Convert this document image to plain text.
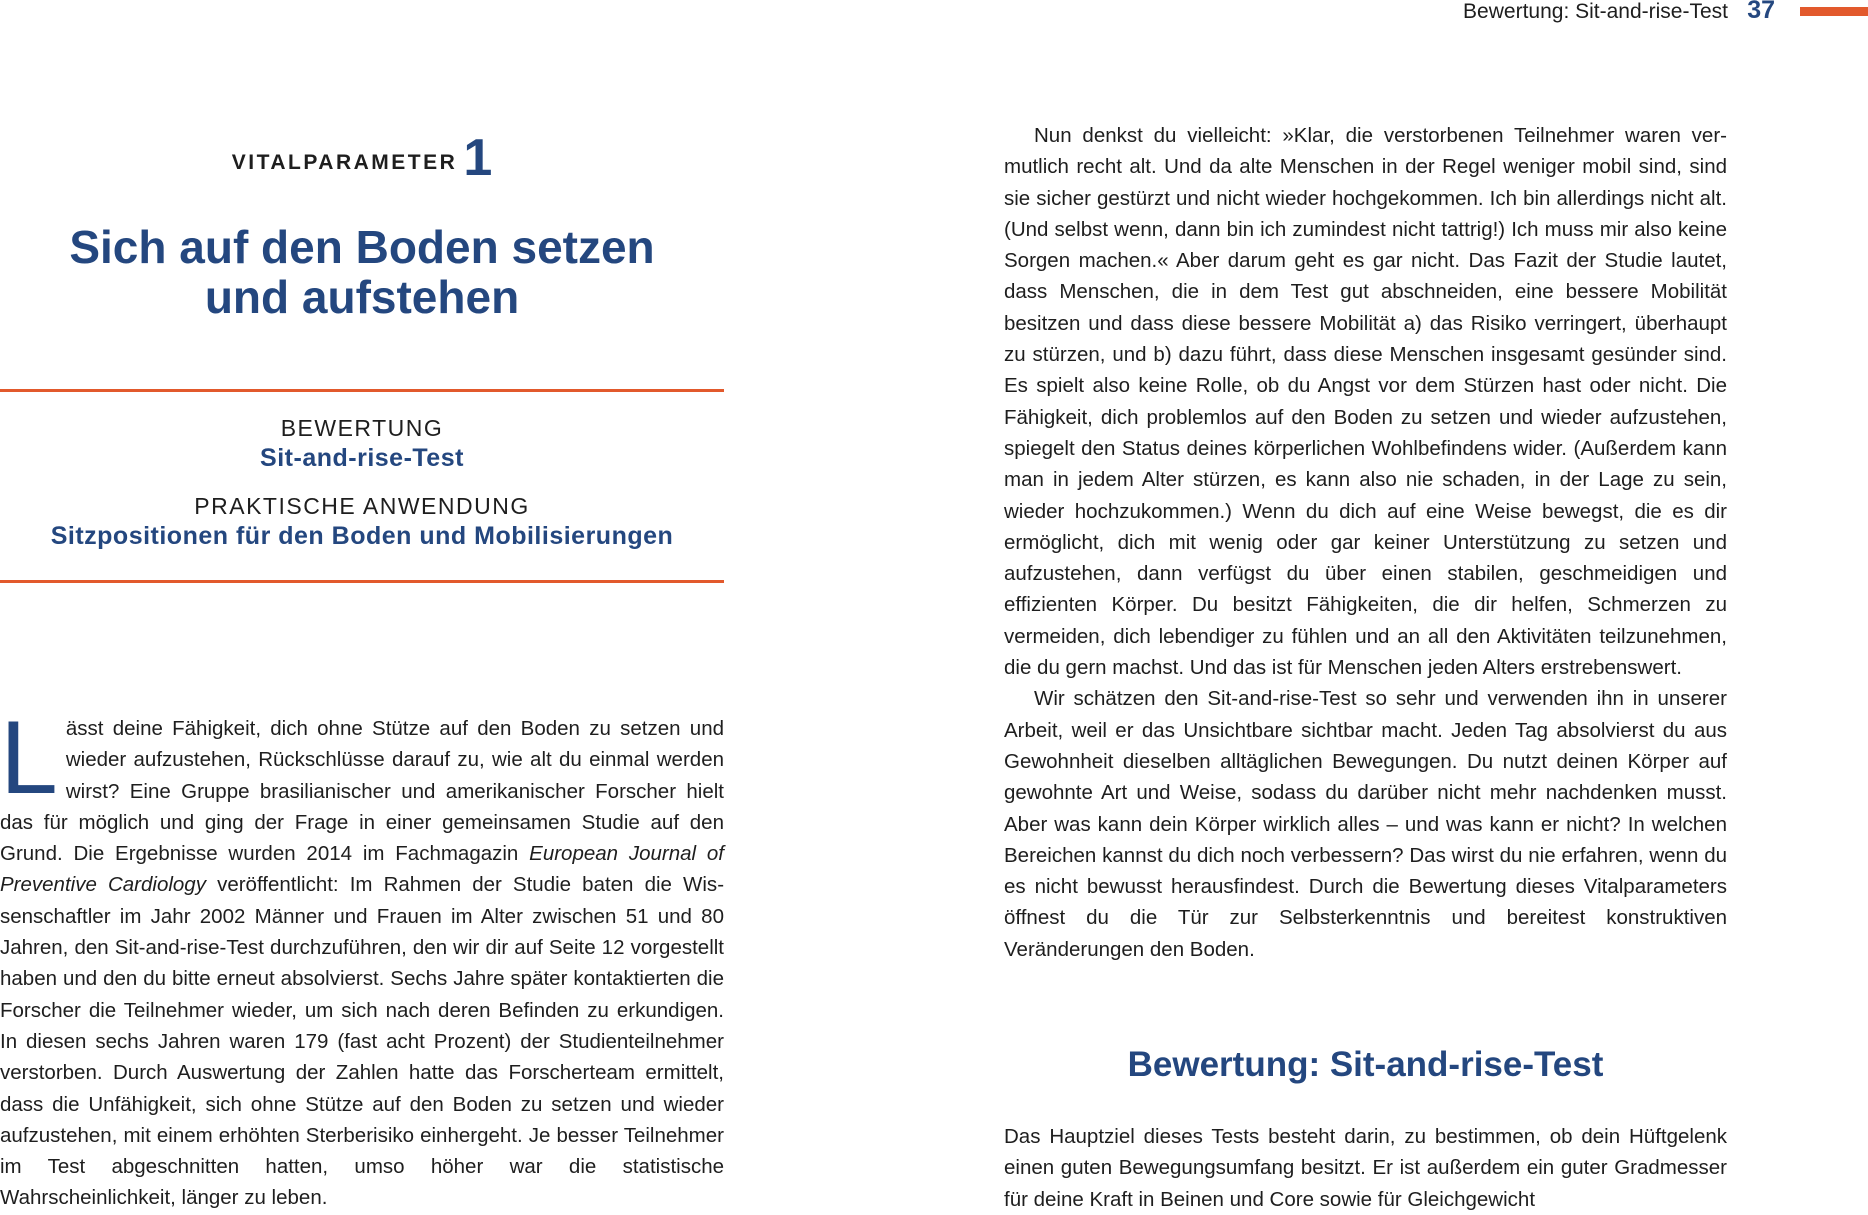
Bewertung: Sit-and-rise-Test 37
VITALPARAMETER 1
Sich auf den Boden setzen
und aufstehen
BEWERTUNG
Sit-and-rise-Test
PRAKTISCHE ANWENDUNG
Sitzpositionen für den Boden und Mobilisierungen

Lässt deine Fähigkeit, dich ohne Stütze auf den Boden zu setzen und wieder aufzustehen, Rückschlüsse darauf zu, wie alt du einmal werden wirst? Eine Gruppe brasilianischer und amerikanischer Forscher hielt das für möglich und ging der Frage in einer gemeinsamen Studie auf den Grund. Die Ergebnisse wurden 2014 im Fachmagazin European Journal of Preventive Cardiology veröffentlicht: Im Rahmen der Studie baten die Wissenschaftler im Jahr 2002 Männer und Frauen im Alter zwischen 51 und 80 Jahren, den Sit-and-rise-Test durchzuführen, den wir dir auf Seite 12 vorgestellt haben und den du bitte erneut absolvierst. Sechs Jahre später kontaktierten die Forscher die Teilnehmer wieder, um sich nach deren Befinden zu erkundigen. In diesen sechs Jahren waren 179 (fast acht Prozent) der Studienteilnehmer verstorben. Durch Auswertung der Zahlen hatte das Forscherteam ermittelt, dass die Unfähigkeit, sich ohne Stütze auf den Boden zu setzen und wieder aufzustehen, mit einem erhöhten Sterberisiko einhergeht. Je besser Teilnehmer im Test abgeschnitten hatten, umso höher war die statistische Wahrscheinlichkeit, länger zu leben.

Nun denkst du vielleicht: »Klar, die verstorbenen Teilnehmer waren vermutlich recht alt. Und da alte Menschen in der Regel weniger mobil sind, sind sie sicher gestürzt und nicht wieder hochgekommen. Ich bin allerdings nicht alt. (Und selbst wenn, dann bin ich zumindest nicht tattrig!) Ich muss mir also keine Sorgen machen.« Aber darum geht es gar nicht. Das Fazit der Studie lautet, dass Menschen, die in dem Test gut abschneiden, eine bessere Mobilität besitzen und dass diese bessere Mobilität a) das Risiko verringert, überhaupt zu stürzen, und b) dazu führt, dass diese Menschen insgesamt gesünder sind. Es spielt also keine Rolle, ob du Angst vor dem Stürzen hast oder nicht. Die Fähigkeit, dich problemlos auf den Boden zu setzen und wieder aufzustehen, spiegelt den Status deines körperlichen Wohlbefindens wider. (Außerdem kann man in jedem Alter stürzen, es kann also nie schaden, in der Lage zu sein, wieder hochzukommen.) Wenn du dich auf eine Weise bewegst, die es dir ermöglicht, dich mit wenig oder gar keiner Unterstützung zu setzen und aufzustehen, dann verfügst du über einen stabilen, geschmeidigen und effizienten Körper. Du besitzt Fähigkeiten, die dir helfen, Schmerzen zu vermeiden, dich lebendiger zu fühlen und an all den Aktivitäten teilzunehmen, die du gern machst. Und das ist für Menschen jeden Alters erstrebenswert.

Wir schätzen den Sit-and-rise-Test so sehr und verwenden ihn in unserer Arbeit, weil er das Unsichtbare sichtbar macht. Jeden Tag absolvierst du aus Gewohnheit dieselben alltäglichen Bewegungen. Du nutzt deinen Körper auf gewohnte Art und Weise, sodass du darüber nicht mehr nachdenken musst. Aber was kann dein Körper wirklich alles – und was kann er nicht? In welchen Bereichen kannst du dich noch verbessern? Das wirst du nie erfahren, wenn du es nicht bewusst herausfindest. Durch die Bewertung dieses Vitalparameters öffnest du die Tür zur Selbsterkenntnis und bereitest konstruktiven Veränderungen den Boden.

Bewertung: Sit-and-rise-Test

Das Hauptziel dieses Tests besteht darin, zu bestimmen, ob dein Hüftgelenk einen guten Bewegungsumfang besitzt. Er ist außerdem ein guter Gradmesser für deine Kraft in Beinen und Core sowie für Gleichgewicht
